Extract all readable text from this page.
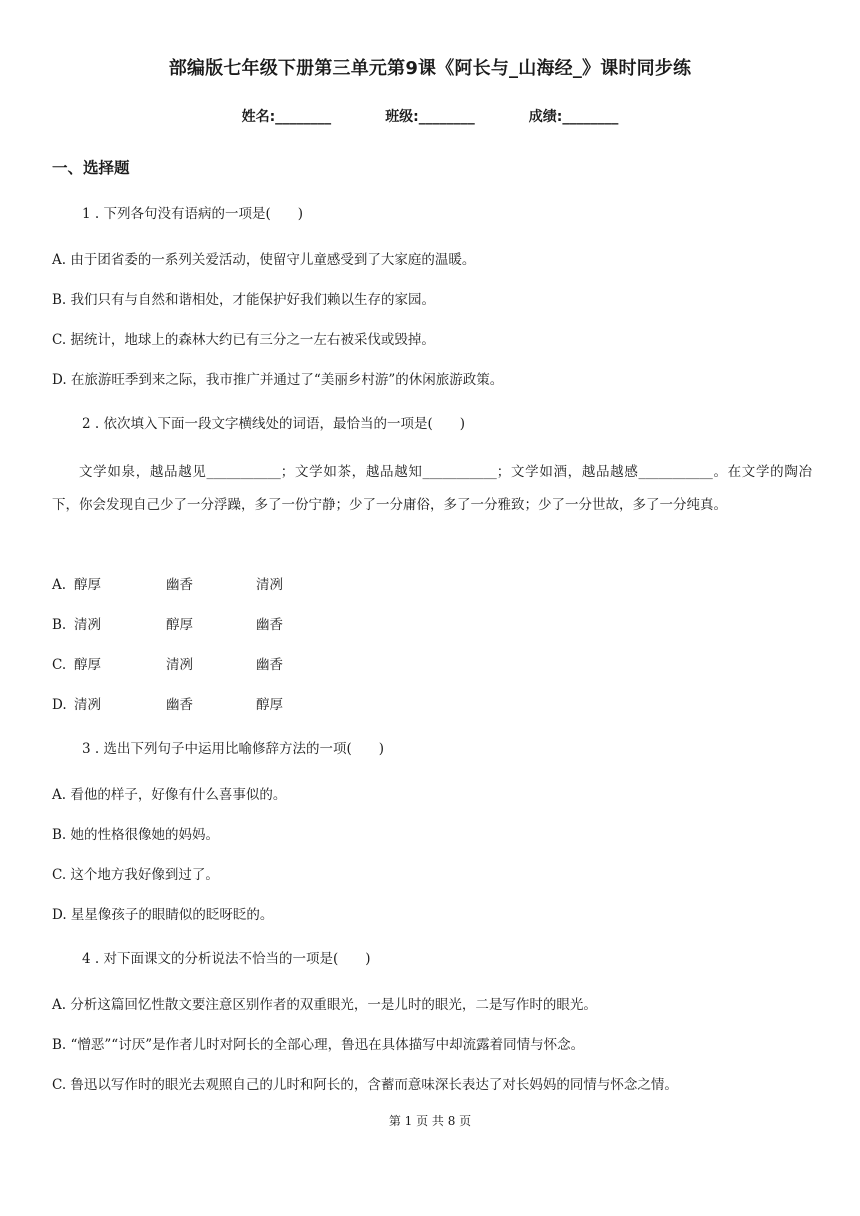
部编版七年级下册第三单元第9课《阿长与_山海经_》课时同步练
姓名:________	班级:________	成绩:________
一、选择题
1 . 下列各句没有语病的一项是(　　)
A. 由于团省委的一系列关爱活动，使留守儿童感受到了大家庭的温暖。
B. 我们只有与自然和谐相处，才能保护好我们赖以生存的家园。
C. 据统计，地球上的森林大约已有三分之一左右被采伐或毁掉。
D. 在旅游旺季到来之际，我市推广并通过了“美丽乡村游”的休闲旅游政策。
2 . 依次填入下面一段文字横线处的词语，最恰当的一项是(　　)
文学如泉，越品越见___________；文学如茶，越品越知___________；文学如酒，越品越感___________。在文学的陶冶下，你会发现自己少了一分浮躁，多了一份宁静；少了一分庸俗，多了一分雅致；少了一分世故，多了一分纯真。
A. 醇厚	幽香	清冽
B. 清冽	醇厚	幽香
C. 醇厚	清冽	幽香
D. 清冽	幽香	醇厚
3 . 选出下列句子中运用比喻修辞方法的一项(　　)
A. 看他的样子，好像有什么喜事似的。
B. 她的性格很像她的妈妈。
C. 这个地方我好像到过了。
D. 星星像孩子的眼睛似的眨呀眨的。
4 . 对下面课文的分析说法不恰当的一项是(　　)
A. 分析这篇回忆性散文要注意区别作者的双重眼光，一是儿时的眼光，二是写作时的眼光。
B. “憎恶”“讨厌”是作者儿时对阿长的全部心理，鲁迅在具体描写中却流露着同情与怀念。
C. 鲁迅以写作时的眼光去观照自己的儿时和阿长的，含蓄而意味深长表达了对长妈妈的同情与怀念之情。
第 1 页 共 8 页
